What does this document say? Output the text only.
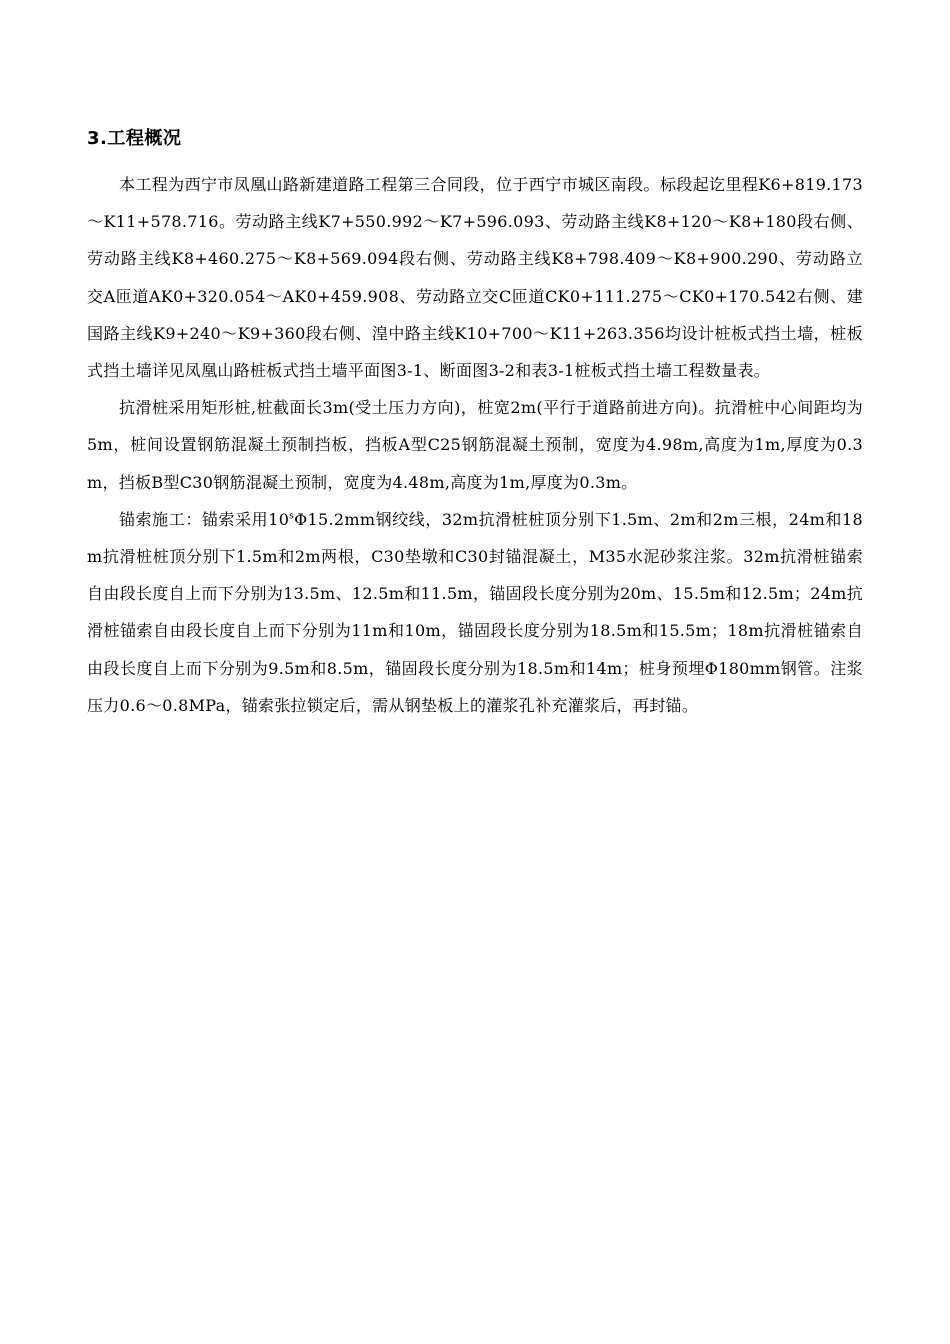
3.工程概况

本工程为西宁市凤凰山路新建道路工程第三合同段，位于西宁市城区南段。标段起讫里程K6+819.173～K11+578.716。劳动路主线K7+550.992～K7+596.093、劳动路主线K8+120～K8+180段右侧、劳动路主线K8+460.275～K8+569.094段右侧、劳动路主线K8+798.409～K8+900.290、劳动路立交A匝道AK0+320.054～AK0+459.908、劳动路立交C匝道CK0+111.275～CK0+170.542右侧、建国路主线K9+240～K9+360段右侧、湟中路主线K10+700～K11+263.356均设计桩板式挡土墙，桩板式挡土墙详见凤凰山路桩板式挡土墙平面图3-1、断面图3-2和表3-1桩板式挡土墙工程数量表。

抗滑桩采用矩形桩,桩截面长3m(受土压力方向)，桩宽2m(平行于道路前进方向)。抗滑桩中心间距均为5m，桩间设置钢筋混凝土预制挡板，挡板A型C25钢筋混凝土预制，宽度为4.98m,高度为1m,厚度为0.3m，挡板B型C30钢筋混凝土预制，宽度为4.48m,高度为1m,厚度为0.3m。

锚索施工：锚索采用10$^s$Φ15.2mm钢绞线，32m抗滑桩桩顶分别下1.5m、2m和2m三根，24m和18m抗滑桩桩顶分别下1.5m和2m两根，C30垫墩和C30封锚混凝土，M35水泥砂浆注浆。32m抗滑桩锚索自由段长度自上而下分别为13.5m、12.5m和11.5m，锚固段长度分别为20m、15.5m和12.5m；24m抗滑桩锚索自由段长度自上而下分别为11m和10m，锚固段长度分别为18.5m和15.5m；18m抗滑桩锚索自由段长度自上而下分别为9.5m和8.5m，锚固段长度分别为18.5m和14m；桩身预埋Φ180mm钢管。注浆压力0.6～0.8MPa，锚索张拉锁定后，需从钢垫板上的灌浆孔补充灌浆后，再封锚。
